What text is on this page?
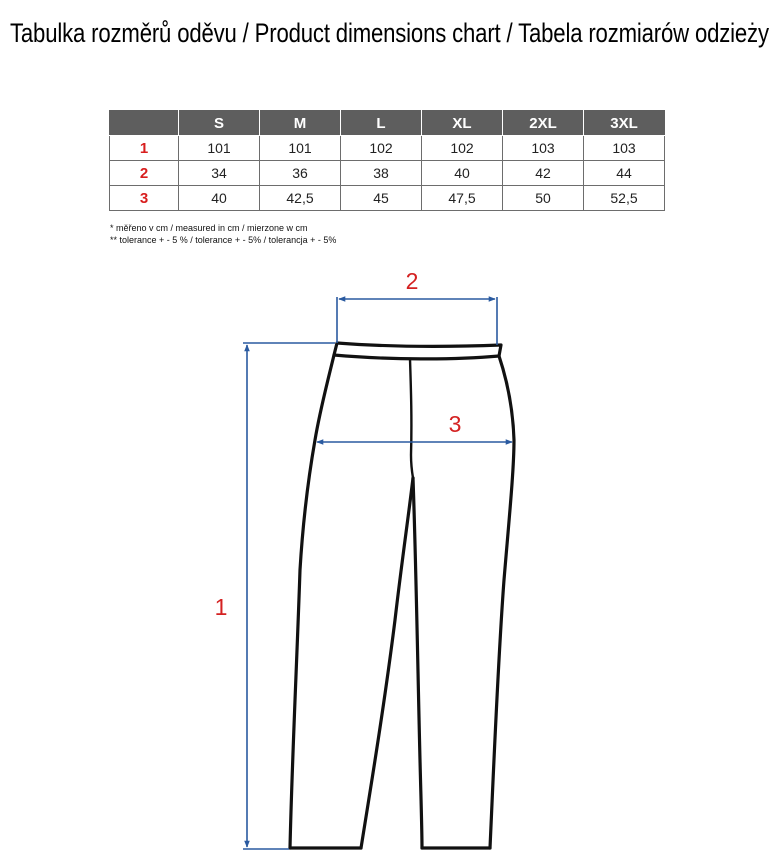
Tabulka rozměrů oděvu / Product dimensions chart / Tabela rozmiarów odzieży
	S	M	L	XL	2XL	3XL
1	101	101	102	102	103	103
2	34	36	38	40	42	44
3	40	42,5	45	47,5	50	52,5
* měřeno v cm / measured in cm / mierzone w cm
** tolerance + - 5 % / tolerance + - 5% / tolerancja + - 5%
2
3
1
